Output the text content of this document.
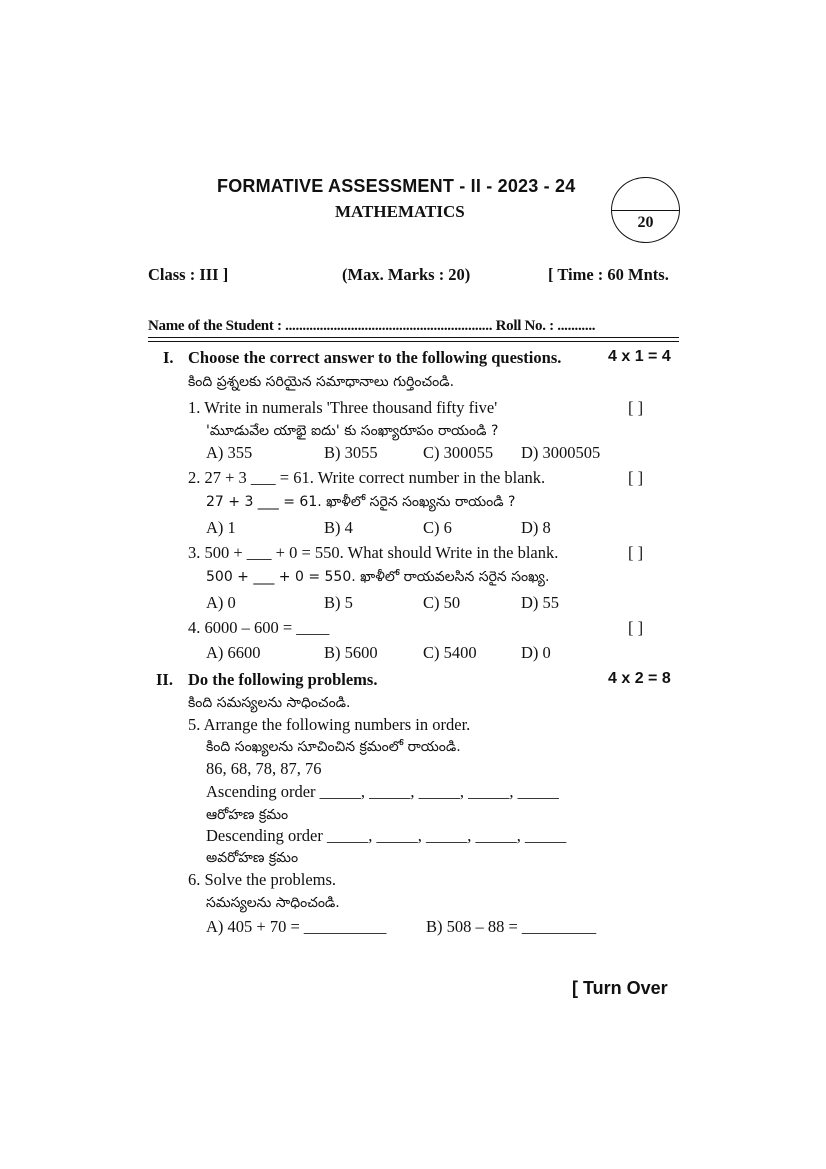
FORMATIVE ASSESSMENT - II - 2023 - 24
MATHEMATICS
20
Class : III ]	(Max. Marks : 20)	[ Time : 60 Mnts.
Name of the Student : ............................................................ Roll No. : ...........
I. Choose the correct answer to the following questions.	4 x 1 = 4
కింది ప్రశ్నలకు సరియైన సమాధానాలు గుర్తించండి.
1. Write in numerals 'Three thousand fifty five'	[ ]
'మూడువేల యాభై ఐదు' కు సంఖ్యారూపం రాయండి ?
A) 355	B) 3055	C) 300055 D) 3000505
2. 27 + 3 ___ = 61. Write correct number in the blank.	[ ]
27 + 3 ___ = 61. ఖాళీలో సరైన సంఖ్యను రాయండి ?
A) 1	B) 4	C) 6	D) 8
3. 500 + ___ + 0 = 550. What should Write in the blank.	[ ]
500 + ___ + 0 = 550. ఖాళీలో రాయవలసిన సరైన సంఖ్య.
A) 0	B) 5	C) 50	D) 55
4. 6000 – 600 = ____	[ ]
A) 6600	B) 5600	C) 5400	D) 0
II. Do the following problems.	4 x 2 = 8
కింది సమస్యలను సాధించండి.
5. Arrange the following numbers in order.
కింది సంఖ్యలను సూచించిన క్రమంలో రాయండి.
86, 68, 78, 87, 76
Ascending order _____, _____, _____, _____, _____
ఆరోహణ క్రమం
Descending order _____, _____, _____, _____, _____
అవరోహణ క్రమం
6. Solve the problems.
సమస్యలను సాధించండి.
A) 405 + 70 = __________ B) 508 – 88 = _________
[ Turn Over
